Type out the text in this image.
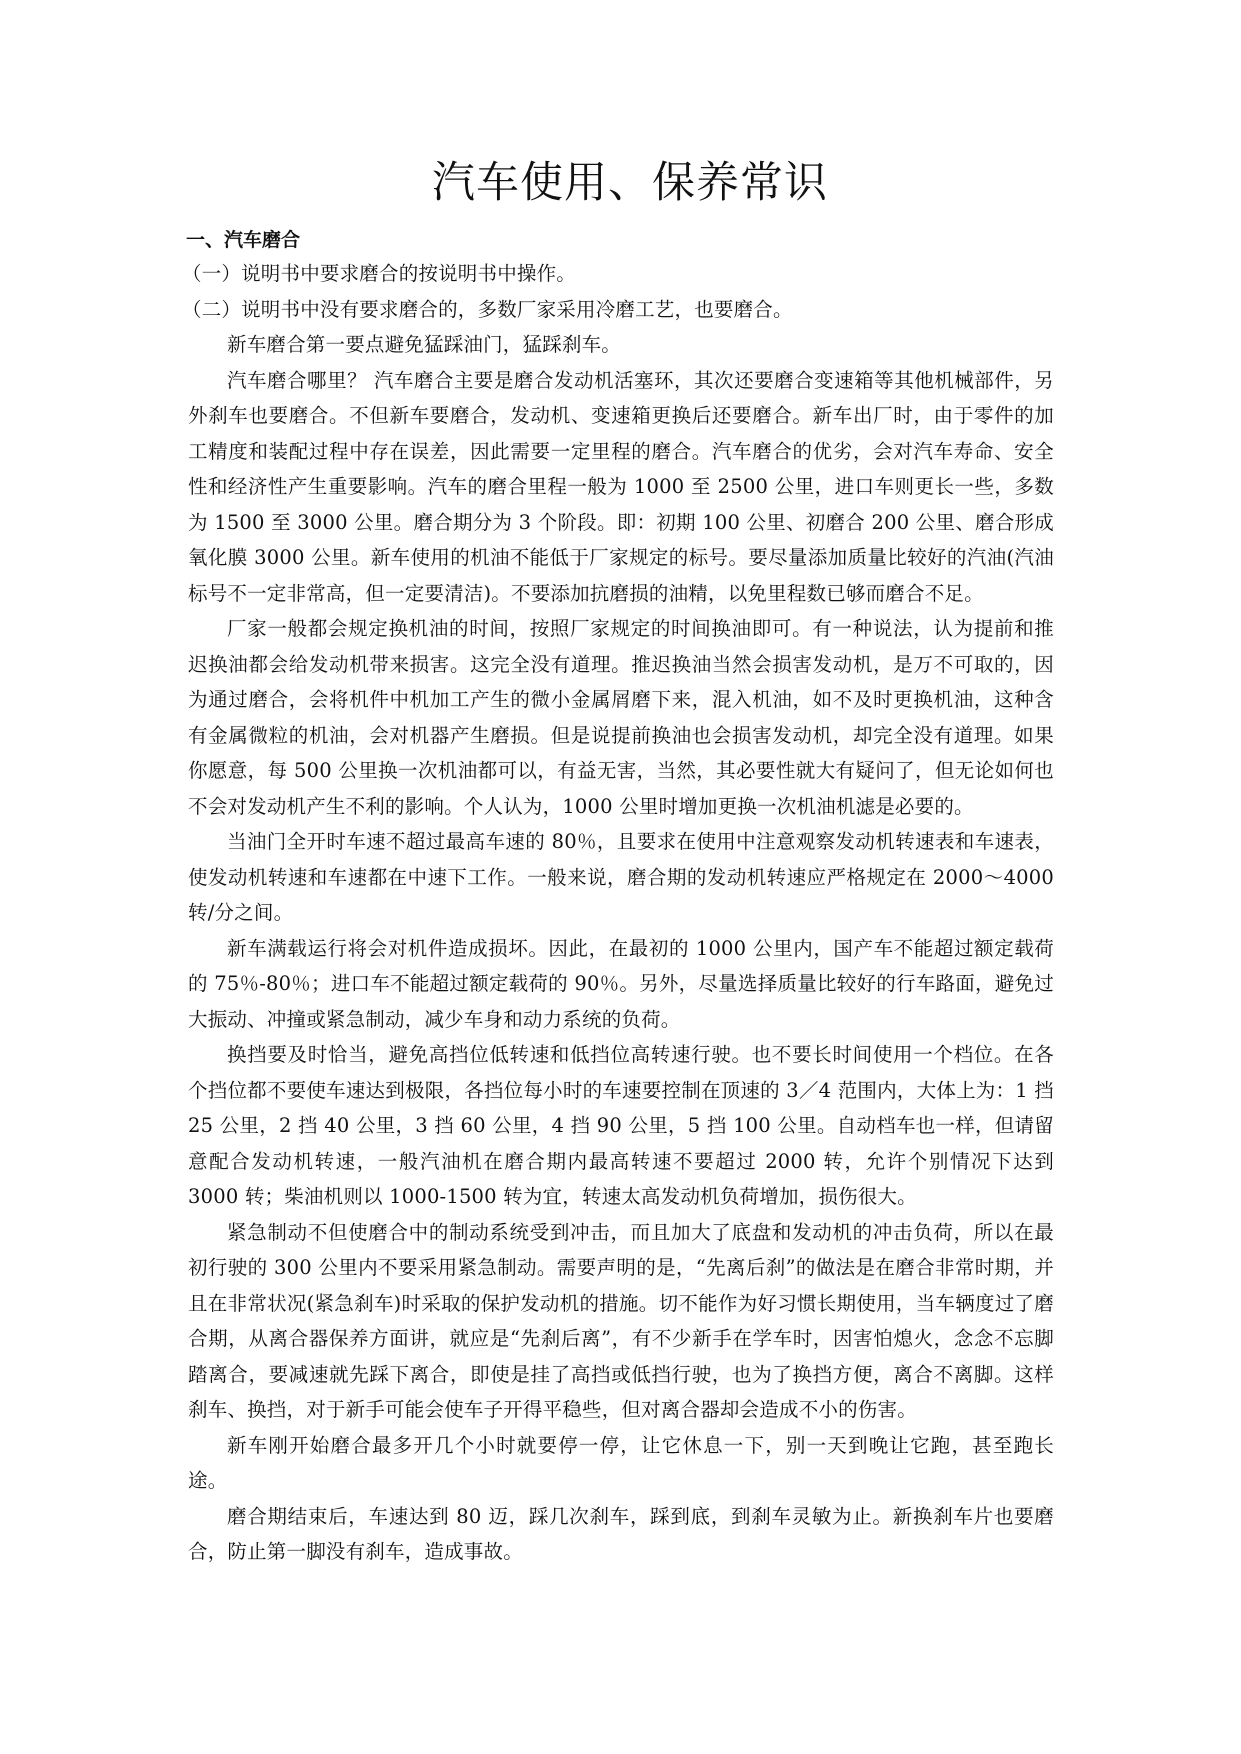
汽车使用、保养常识
一、汽车磨合

（一）说明书中要求磨合的按说明书中操作。

（二）说明书中没有要求磨合的，多数厂家采用冷磨工艺，也要磨合。

新车磨合第一要点避免猛踩油门，猛踩刹车。

汽车磨合哪里？ 汽车磨合主要是磨合发动机活塞环，其次还要磨合变速箱等其他机械部件，另外刹车也要磨合。不但新车要磨合，发动机、变速箱更换后还要磨合。新车出厂时，由于零件的加工精度和装配过程中存在误差，因此需要一定里程的磨合。汽车磨合的优劣，会对汽车寿命、安全性和经济性产生重要影响。汽车的磨合里程一般为 1000 至 2500 公里，进口车则更长一些，多数为 1500 至 3000 公里。磨合期分为 3 个阶段。即：初期 100 公里、初磨合 200 公里、磨合形成氧化膜 3000 公里。新车使用的机油不能低于厂家规定的标号。要尽量添加质量比较好的汽油(汽油标号不一定非常高，但一定要清洁)。不要添加抗磨损的油精，以免里程数已够而磨合不足。

厂家一般都会规定换机油的时间，按照厂家规定的时间换油即可。有一种说法，认为提前和推迟换油都会给发动机带来损害。这完全没有道理。推迟换油当然会损害发动机，是万不可取的，因为通过磨合，会将机件中机加工产生的微小金属屑磨下来，混入机油，如不及时更换机油，这种含有金属微粒的机油，会对机器产生磨损。但是说提前换油也会损害发动机，却完全没有道理。如果你愿意，每 500 公里换一次机油都可以，有益无害，当然，其必要性就大有疑问了，但无论如何也不会对发动机产生不利的影响。个人认为，1000 公里时增加更换一次机油机滤是必要的。

当油门全开时车速不超过最高车速的 80％，且要求在使用中注意观察发动机转速表和车速表，使发动机转速和车速都在中速下工作。一般来说，磨合期的发动机转速应严格规定在 2000～4000 转/分之间。

新车满载运行将会对机件造成损坏。因此，在最初的 1000 公里内，国产车不能超过额定载荷的 75％-80％；进口车不能超过额定载荷的 90％。另外，尽量选择质量比较好的行车路面，避免过大振动、冲撞或紧急制动，减少车身和动力系统的负荷。

换挡要及时恰当，避免高挡位低转速和低挡位高转速行驶。也不要长时间使用一个档位。在各个挡位都不要使车速达到极限，各挡位每小时的车速要控制在顶速的 3／4 范围内，大体上为：1 挡 25 公里，2 挡 40 公里，3 挡 60 公里，4 挡 90 公里，5 挡 100 公里。自动档车也一样，但请留意配合发动机转速，一般汽油机在磨合期内最高转速不要超过 2000 转，允许个别情况下达到 3000 转；柴油机则以 1000-1500 转为宜，转速太高发动机负荷增加，损伤很大。

紧急制动不但使磨合中的制动系统受到冲击，而且加大了底盘和发动机的冲击负荷，所以在最初行驶的 300 公里内不要采用紧急制动。需要声明的是，“先离后刹”的做法是在磨合非常时期，并且在非常状况(紧急刹车)时采取的保护发动机的措施。切不能作为好习惯长期使用，当车辆度过了磨合期，从离合器保养方面讲，就应是“先刹后离”，有不少新手在学车时，因害怕熄火，念念不忘脚踏离合，要减速就先踩下离合，即使是挂了高挡或低挡行驶，也为了换挡方便，离合不离脚。这样刹车、换挡，对于新手可能会使车子开得平稳些，但对离合器却会造成不小的伤害。

新车刚开始磨合最多开几个小时就要停一停，让它休息一下，别一天到晚让它跑，甚至跑长途。

磨合期结束后，车速达到 80 迈，踩几次刹车，踩到底，到刹车灵敏为止。新换刹车片也要磨合，防止第一脚没有刹车，造成事故。
